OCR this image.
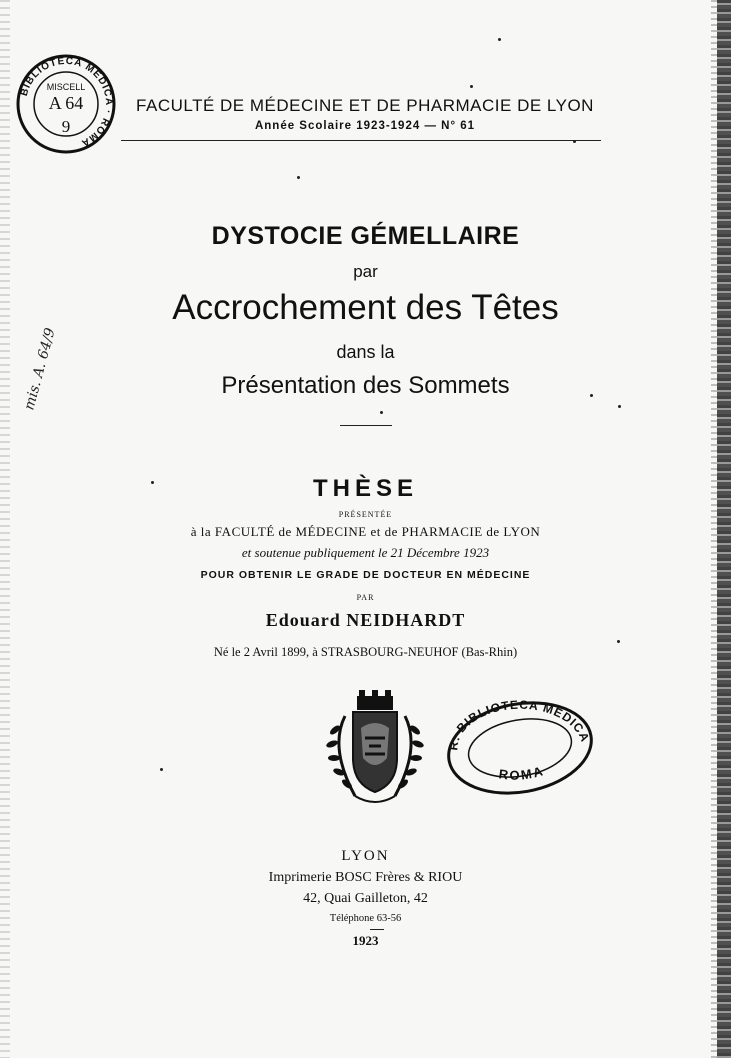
BIBLIOTECA MEDICA · ROMA
MISCELL
A 64
9
mis. A. 64/9
FACULTÉ DE MÉDECINE ET DE PHARMACIE DE LYON
Année Scolaire 1923-1924 — N° 61
DYSTOCIE GÉMELLAIRE
par
Accrochement des Têtes
dans la
Présentation des Sommets
THÈSE
PRÉSENTÉE
à la FACULTÉ de MÉDECINE et de PHARMACIE de LYON
et soutenue publiquement le 21 Décembre 1923
POUR OBTENIR LE GRADE DE DOCTEUR EN MÉDECINE
PAR
Edouard NEIDHARDT
Né le 2 Avril 1899, à STRASBOURG-NEUHOF (Bas-Rhin)
R. BIBLIOTECA MEDICA
ROMA
LYON
Imprimerie BOSC Frères & RIOU
42, Quai Gailleton, 42
Téléphone 63-56
1923
